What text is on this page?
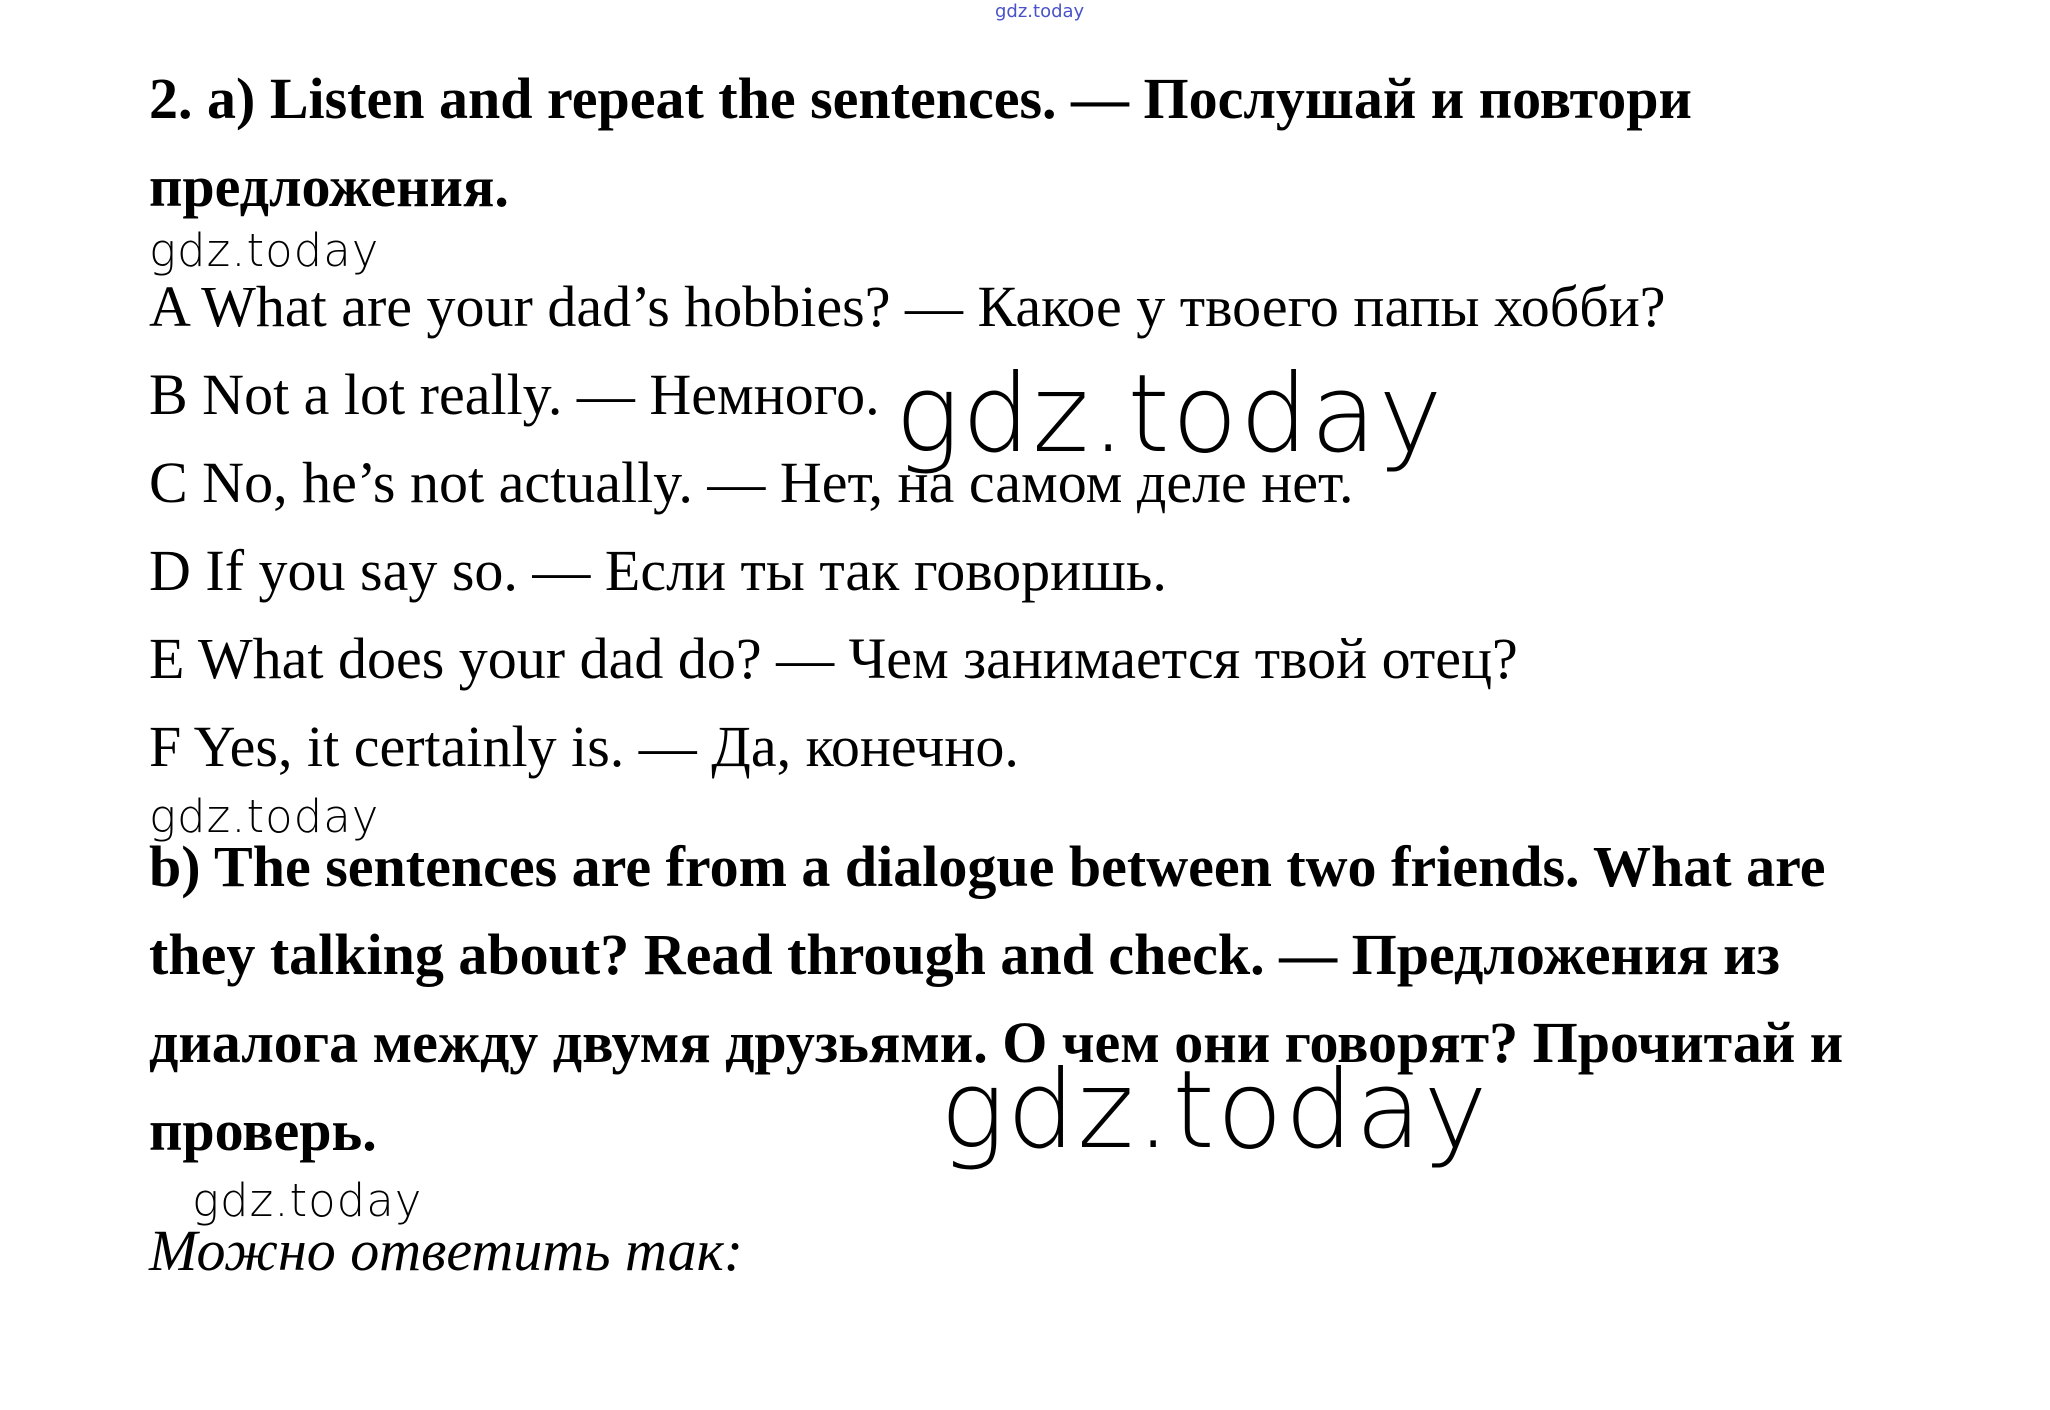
gdz.today
2. a) Listen and repeat the sentences. — Послушай и повтори
предложения.
gdz.today
A What are your dad’s hobbies? — Какое у твоего папы хобби?
B Not a lot really. — Немного.
C No, he’s not actually. — Нет, на самом деле нет.
D If you say so. — Если ты так говоришь.
E What does your dad do? — Чем занимается твой отец?
F Yes, it certainly is. — Да, конечно.
gdz.today
gdz.today
b) The sentences are from a dialogue between two friends. What are
they talking about? Read through and check. — Предложения из
диалога между двумя друзьями. О чем они говорят? Прочитай и
проверь.	gdz.today
gdz.today
Можно ответить так:
